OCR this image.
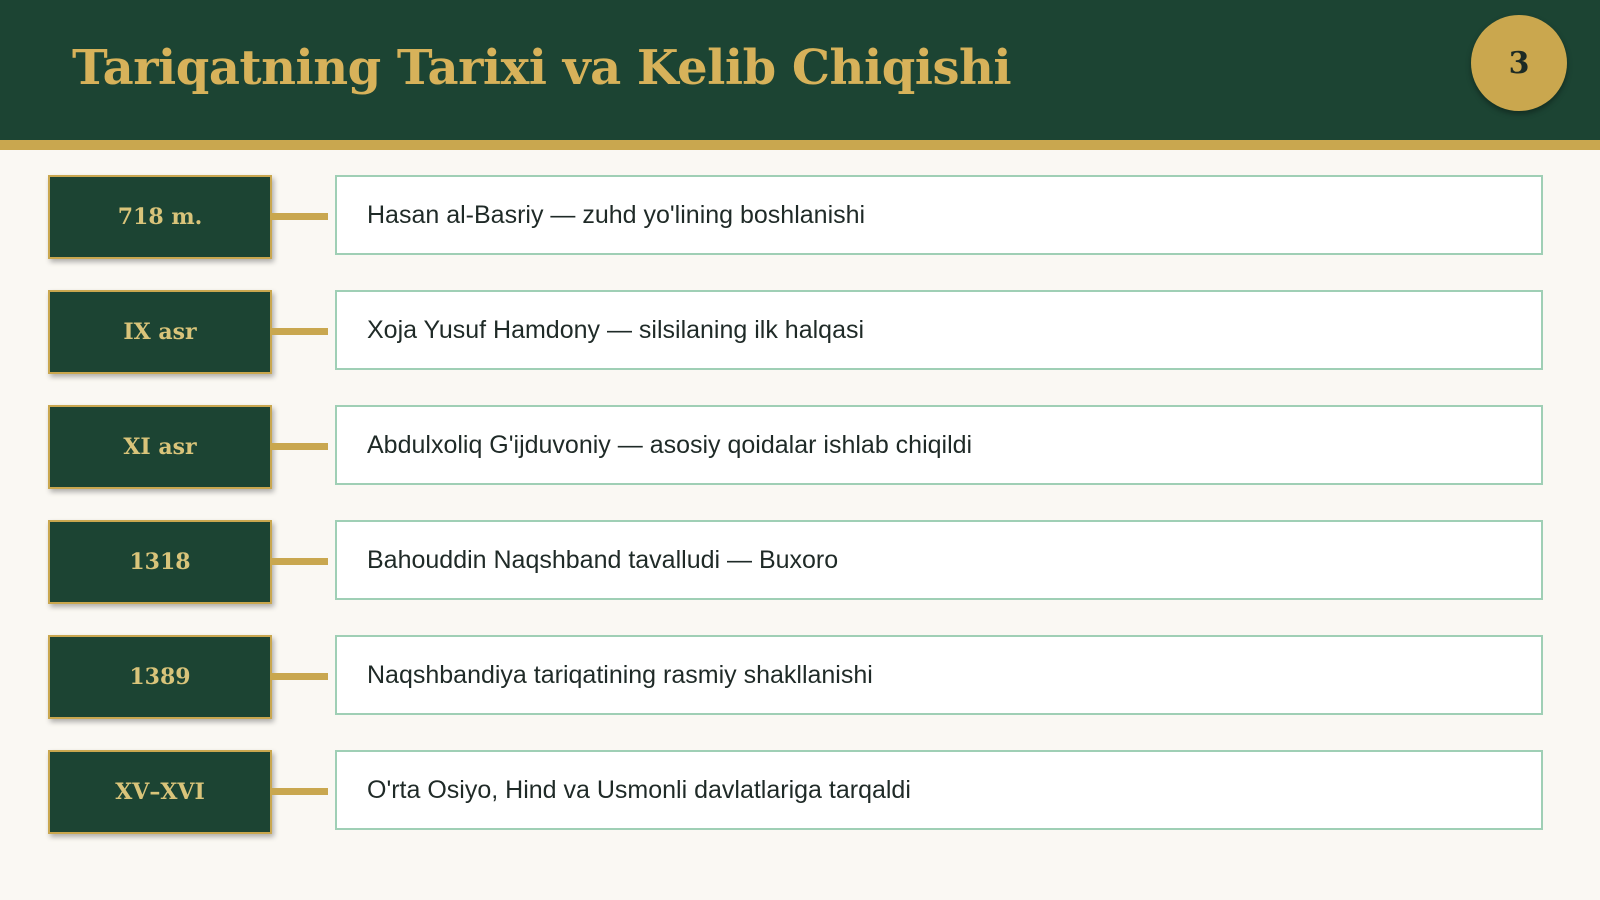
Tariqatning Tarixi va Kelib Chiqishi	3
718 m.	Hasan al-Basriy — zuhd yo'lining boshlanishi
IX asr	Xoja Yusuf Hamdony — silsilaning ilk halqasi
XI asr	Abdulxoliq G'ijduvoniy — asosiy qoidalar ishlab chiqildi
1318	Bahouddin Naqshband tavalludi — Buxoro
1389	Naqshbandiya tariqatining rasmiy shakllanishi
XV–XVI	O'rta Osiyo, Hind va Usmonli davlatlariga tarqaldi
